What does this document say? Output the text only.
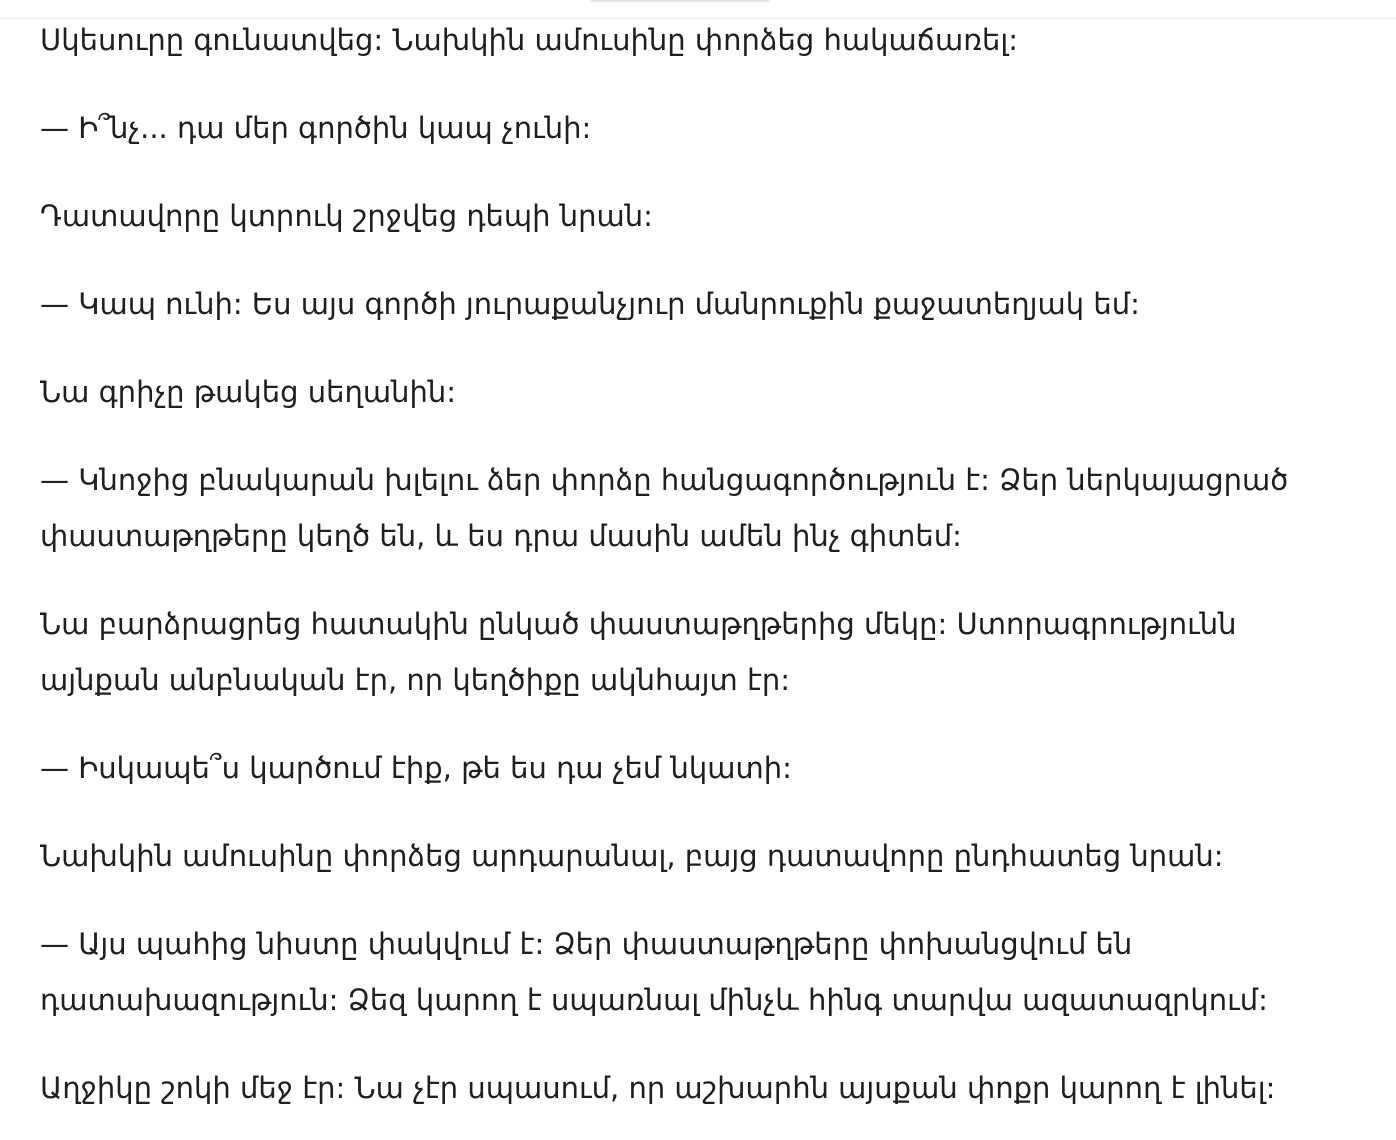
Սկեսուրը գունատվեց: Նախկին ամուսինը փորձեց հակաճառել:

— Ի՞նչ... դա մեր գործին կապ չունի:

Դատավորը կտրուկ շրջվեց դեպի նրան:

— Կապ ունի: Ես այս գործի յուրաքանչյուր մանրուքին քաջատեղյակ եմ:

Նա գրիչը թակեց սեղանին:

— Կնոջից բնակարան խլելու ձեր փորձը հանցագործություն է: Ձեր ներկայացրած
փաստաթղթերը կեղծ են, և ես դրա մասին ամեն ինչ գիտեմ:

Նա բարձրացրեց հատակին ընկած փաստաթղթերից մեկը: Ստորագրությունն
այնքան անբնական էր, որ կեղծիքը ակնհայտ էր:

— Իսկապե՞ս կարծում էիք, թե ես դա չեմ նկատի:

Նախկին ամուսինը փորձեց արդարանալ, բայց դատավորը ընդհատեց նրան:

— Այս պահից նիստը փակվում է: Ձեր փաստաթղթերը փոխանցվում են
դատախազություն: Ձեզ կարող է սպառնալ մինչև հինգ տարվա ազատազրկում:

Աղջիկը շոկի մեջ էր: Նա չէր սպասում, որ աշխարհն այսքան փոքր կարող է լինել:
